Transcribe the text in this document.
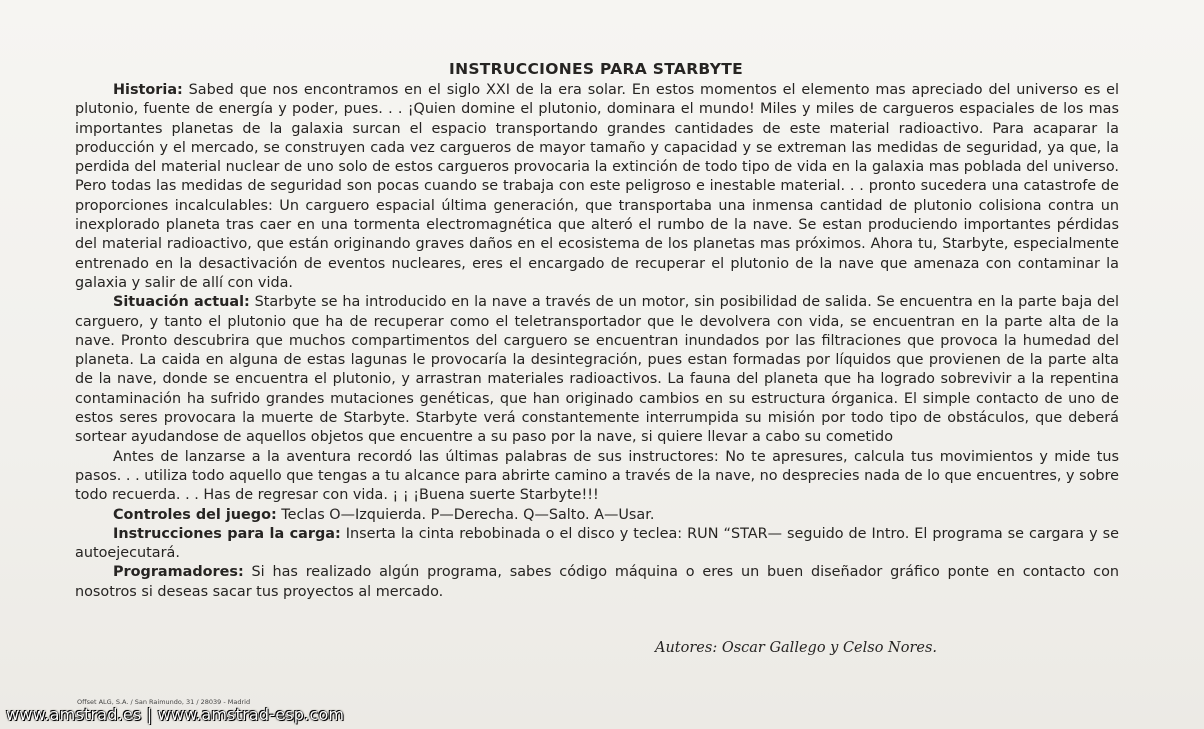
INSTRUCCIONES PARA STARBYTE

Historia: Sabed que nos encontramos en el siglo XXI de la era solar. En estos momentos el elemento mas apreciado del universo es el plutonio, fuente de energía y poder, pues. . . ¡Quien domine el plutonio, dominara el mundo! Miles y miles de cargueros espaciales de los mas importantes planetas de la galaxia surcan el espacio transportando grandes cantidades de este material radioactivo. Para acaparar la producción y el mercado, se construyen cada vez cargueros de mayor tamaño y capacidad y se extreman las medidas de seguridad, ya que, la perdida del material nuclear de uno solo de estos cargueros provocaria la extinción de todo tipo de vida en la galaxia mas poblada del universo. Pero todas las medidas de seguridad son pocas cuando se trabaja con este peligroso e inestable material. . . pronto sucedera una catastrofe de proporciones incalculables: Un carguero espacial última generación, que transportaba una inmensa cantidad de plutonio colisiona contra un inexplorado planeta tras caer en una tormenta electromagnética que alteró el rumbo de la nave. Se estan produciendo importantes pérdidas del material radioactivo, que están originando graves daños en el ecosistema de los planetas mas próximos. Ahora tu, Starbyte, especialmente entrenado en la desactivación de eventos nucleares, eres el encargado de recuperar el plutonio de la nave que amenaza con contaminar la galaxia y salir de allí con vida.

Situación actual: Starbyte se ha introducido en la nave a través de un motor, sin posibilidad de salida. Se encuentra en la parte baja del carguero, y tanto el plutonio que ha de recuperar como el teletransportador que le devolvera con vida, se encuentran en la parte alta de la nave. Pronto descubrira que muchos compartimentos del carguero se encuentran inundados por las filtraciones que provoca la humedad del planeta. La caida en alguna de estas lagunas le provocaría la desintegración, pues estan formadas por líquidos que provienen de la parte alta de la nave, donde se encuentra el plutonio, y arrastran materiales radioactivos. La fauna del planeta que ha logrado sobrevivir a la repentina contaminación ha sufrido grandes mutaciones genéticas, que han originado cambios en su estructura órganica. El simple contacto de uno de estos seres provocara la muerte de Starbyte. Starbyte verá constantemente interrumpida su misión por todo tipo de obstáculos, que deberá sortear ayudandose de aquellos objetos que encuentre a su paso por la nave, si quiere llevar a cabo su cometido

Antes de lanzarse a la aventura recordó las últimas palabras de sus instructores: No te apresures, calcula tus movimientos y mide tus pasos. . . utiliza todo aquello que tengas a tu alcance para abrirte camino a través de la nave, no desprecies nada de lo que encuentres, y sobre todo recuerda. . . Has de regresar con vida. ¡ ¡ ¡Buena suerte Starbyte!!!

Controles del juego: Teclas O—Izquierda. P—Derecha. Q—Salto. A—Usar.

Instrucciones para la carga: Inserta la cinta rebobinada o el disco y teclea: RUN “STAR— seguido de Intro. El programa se cargara y se autoejecutará.

Programadores: Si has realizado algún programa, sabes código máquina o eres un buen diseñador gráfico ponte en contacto con nosotros si deseas sacar tus proyectos al mercado.

Autores: Oscar Gallego y Celso Nores.
Offset ALG, S.A. / San Raimundo, 31 / 28039 - Madrid
www.amstrad.es | www.amstrad-esp.com
